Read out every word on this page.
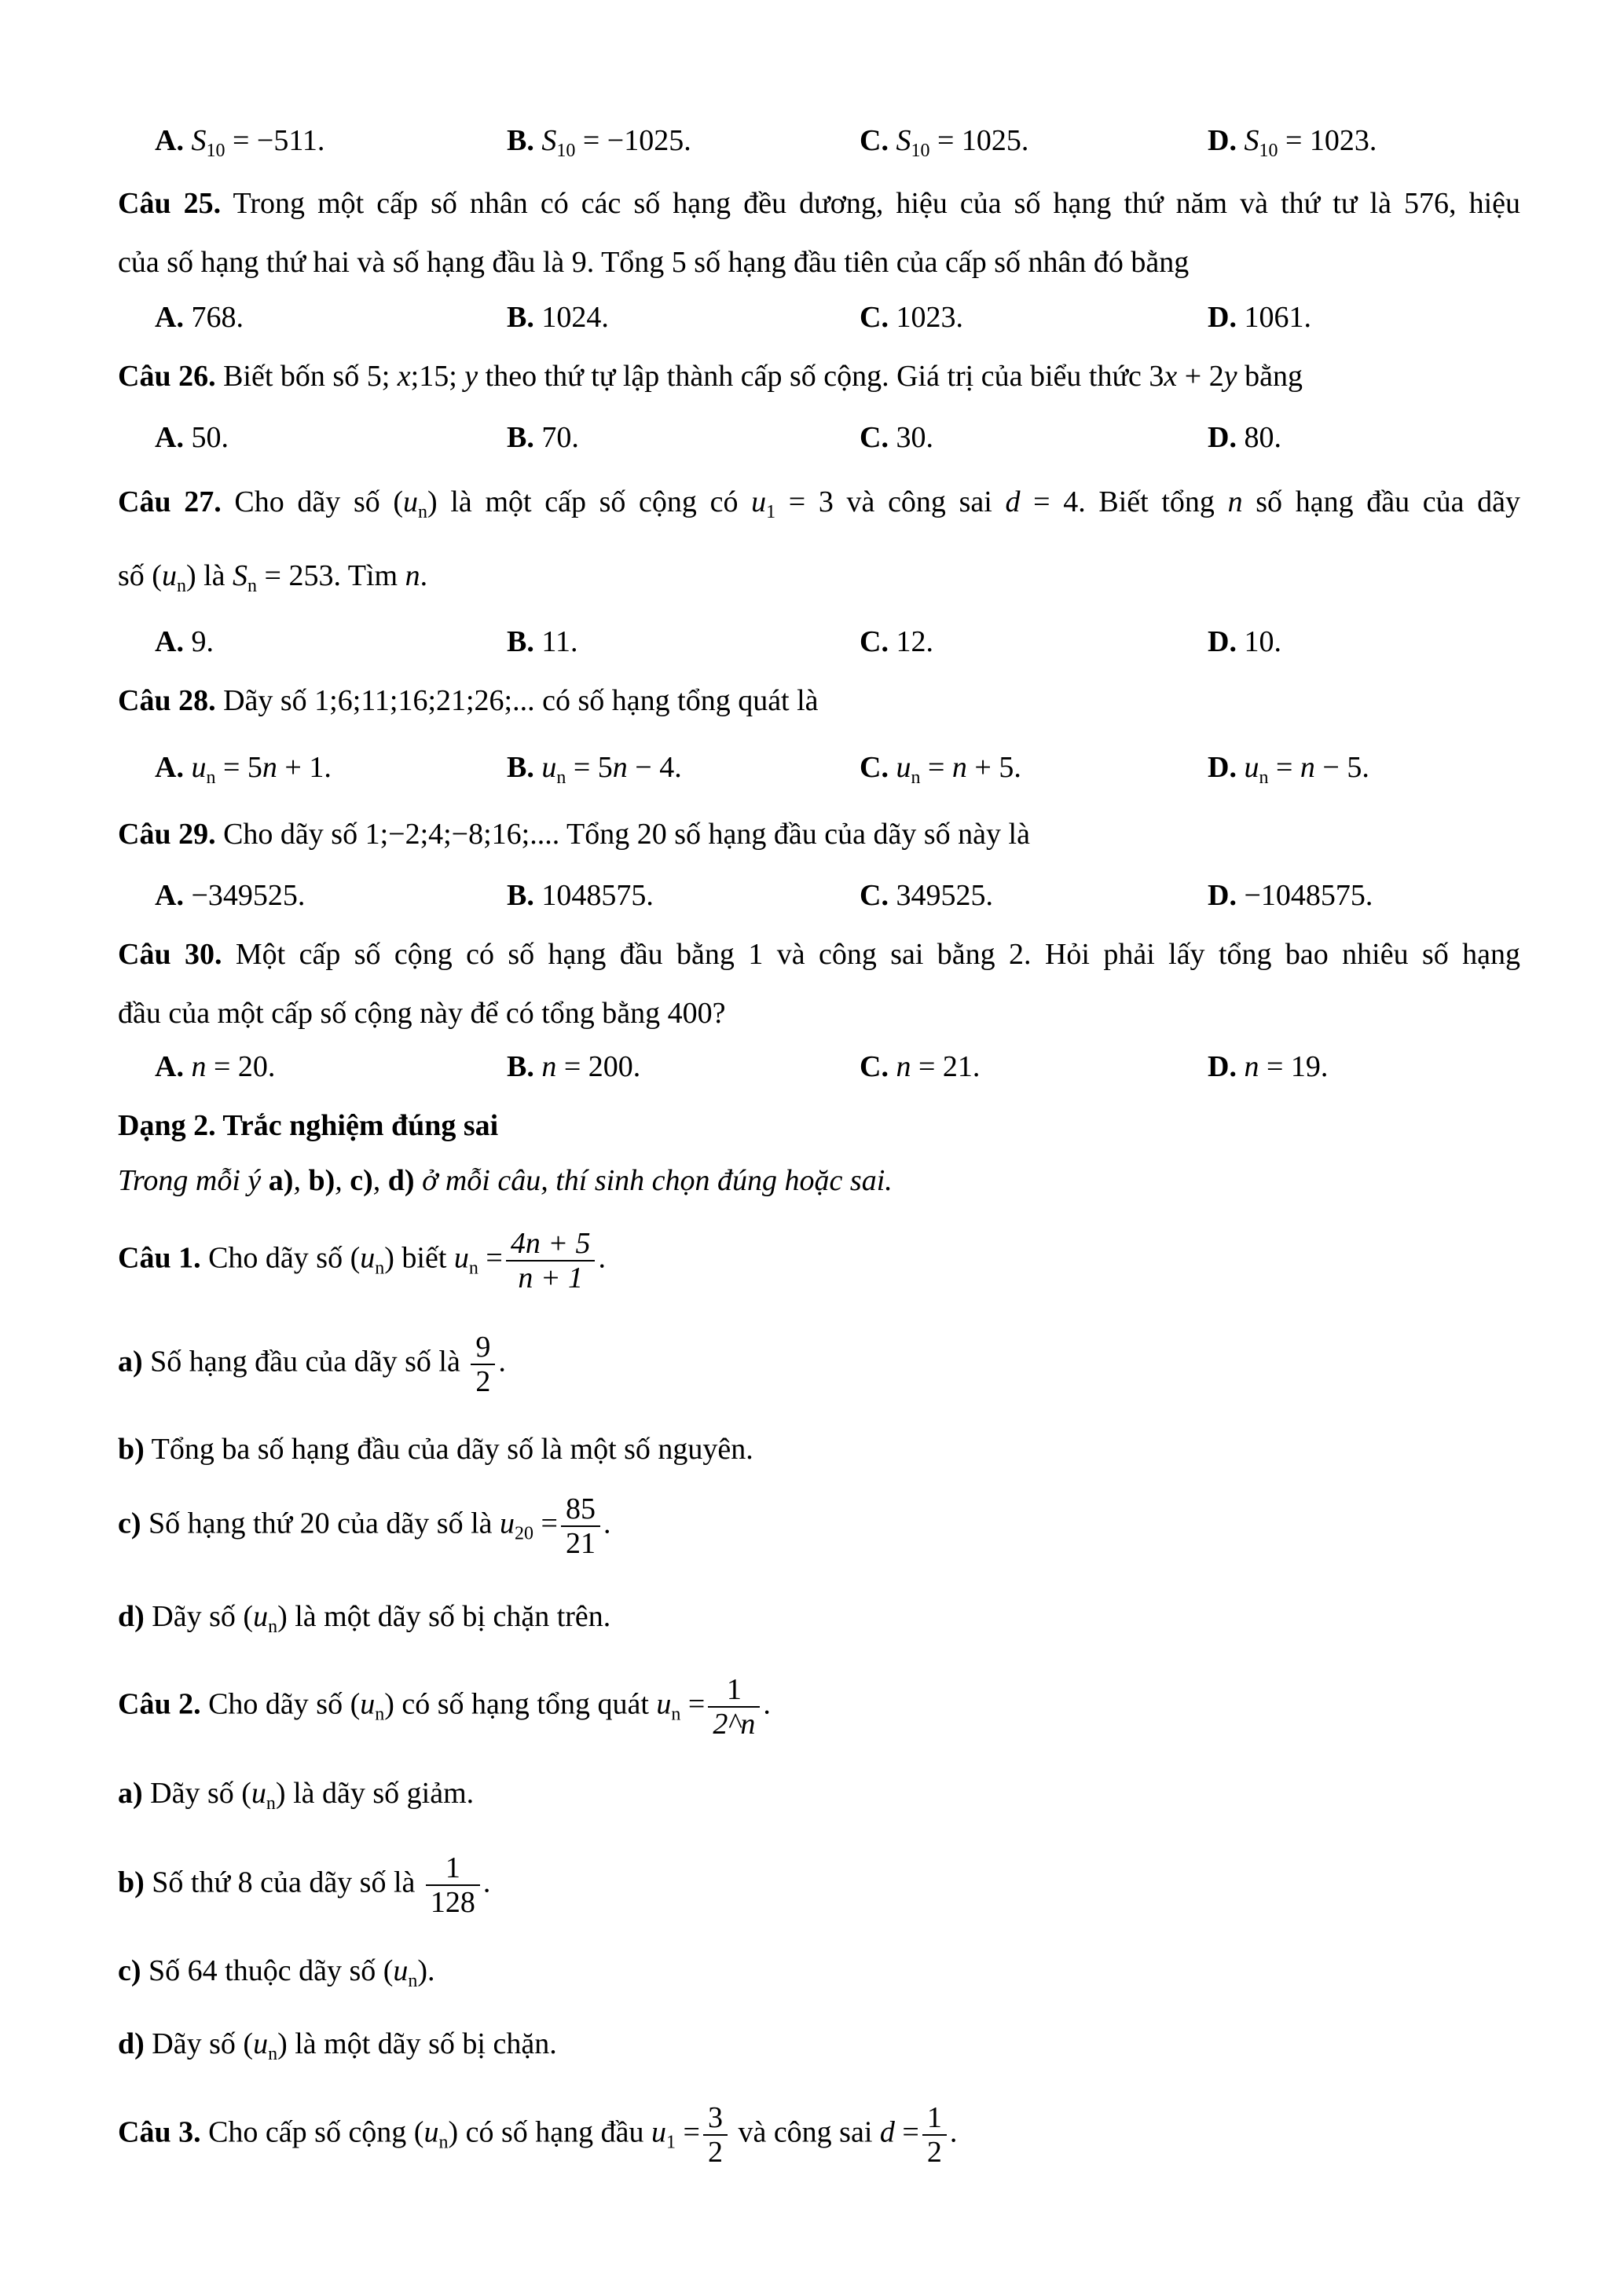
A. $S_{10} = -511$.	B. $S_{10} = -1025$.	C. $S_{10} = 1025$.	D. $S_{10} = 1023$.
Câu 25. Trong một cấp số nhân có các số hạng đều dương, hiệu của số hạng thứ năm và thứ tư là 576, hiệu
của số hạng thứ hai và số hạng đầu là 9. Tổng 5 số hạng đầu tiên của cấp số nhân đó bằng
A. 768.	B. 1024.	C. 1023.	D. 1061.
Câu 26. Biết bốn số 5; x;15; y theo thứ tự lập thành cấp số cộng. Giá trị của biểu thức 3x + 2y bằng
A. 50.	B. 70.	C. 30.	D. 80.
Câu 27. Cho dãy số $(u_n)$ là một cấp số cộng có $u_1 = 3$ và công sai d = 4. Biết tổng n số hạng đầu của dãy
số $(u_n)$ là $S_n = 253$. Tìm n.
A. 9.	B. 11.	C. 12.	D. 10.
Câu 28. Dãy số 1;6;11;16;21;26;... có số hạng tổng quát là
A. $u_n = 5n + 1$.	B. $u_n = 5n - 4$.	C. $u_n = n + 5$.	D. $u_n = n - 5$.
Câu 29. Cho dãy số 1;−2;4;−8;16;.... Tổng 20 số hạng đầu của dãy số này là
A. −349525.	B. 1048575.	C. 349525.	D. −1048575.
Câu 30. Một cấp số cộng có số hạng đầu bằng 1 và công sai bằng 2. Hỏi phải lấy tổng bao nhiêu số hạng
đầu của một cấp số cộng này để có tổng bằng 400?
A. n = 20.	B. n = 200.	C. n = 21.	D. n = 19.
Dạng 2. Trắc nghiệm đúng sai
Trong mỗi ý a), b), c), d) ở mỗi câu, thí sinh chọn đúng hoặc sai.
Câu 1. Cho dãy số $(u_n)$ biết $u_n = \frac{4n + 5}{n + 1}$ .
a) Số hạng đầu của dãy số là $\frac{9}{2}$ .
b) Tổng ba số hạng đầu của dãy số là một số nguyên.
c) Số hạng thứ 20 của dãy số là $u_{20} = \frac{85}{21}$ .
d) Dãy số $(u_n)$ là một dãy số bị chặn trên.
Câu 2. Cho dãy số $(u_n)$ có số hạng tổng quát $u_n = \frac{1}{2\^{}n}$ .
a) Dãy số $(u_n)$ là dãy số giảm.
b) Số thứ 8 của dãy số là $\frac{1}{128}$ .
c) Số 64 thuộc dãy số $(u_n)$.
d) Dãy số $(u_n)$ là một dãy số bị chặn.
Câu 3. Cho cấp số cộng $(u_n)$ có số hạng đầu $u_1 = \frac{3}{2}$ và công sai $d = \frac{1}{2}$ .
